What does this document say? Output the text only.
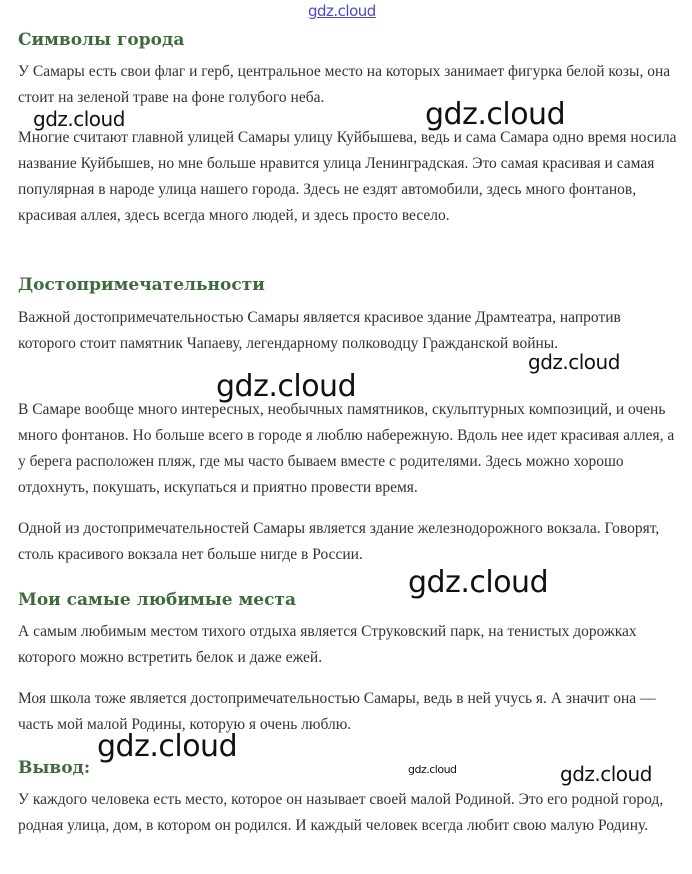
Символы города

У Самары есть свои флаг и герб, центральное место на которых занимает фигурка белой козы, она стоит на зеленой траве на фоне голубого неба.

Многие считают главной улицей Самары улицу Куйбышева, ведь и сама Самара одно время носила название Куйбышев, но мне больше нравится улица Ленинградская. Это самая красивая и самая популярная в народе улица нашего города. Здесь не ездят автомобили, здесь много фонтанов, красивая аллея, здесь всегда много людей, и здесь просто весело.

Достопримечательности

Важной достопримечательностью Самары является красивое здание Драмтеатра, напротив которого стоит памятник Чапаеву, легендарному полководцу Гражданской войны.

В Самаре вообще много интересных, необычных памятников, скульптурных композиций, и очень много фонтанов. Но больше всего в городе я люблю набережную. Вдоль нее идет красивая аллея, а у берега расположен пляж, где мы часто бываем вместе с родителями. Здесь можно хорошо отдохнуть, покушать, искупаться и приятно провести время.

Одной из достопримечательностей Самары является здание железнодорожного вокзала. Говорят, столь красивого вокзала нет больше нигде в России.

Мои самые любимые места

А самым любимым местом тихого отдыха является Струковский парк, на тенистых дорожках которого можно встретить белок и даже ежей.

Моя школа тоже является достопримечательностью Самары, ведь в ней учусь я. А значит она — часть мой малой Родины, которую я очень люблю.

Вывод:

У каждого человека есть место, которое он называет своей малой Родиной. Это его родной город, родная улица, дом, в котором он родился. И каждый человек всегда любит свою малую Родину.

gdz.cloud
gdz.cloud	gdz.cloud
gdz.cloud
gdz.cloud
gdz.cloud
gdz.cloud
gdz.cloud	gdz.cloud
